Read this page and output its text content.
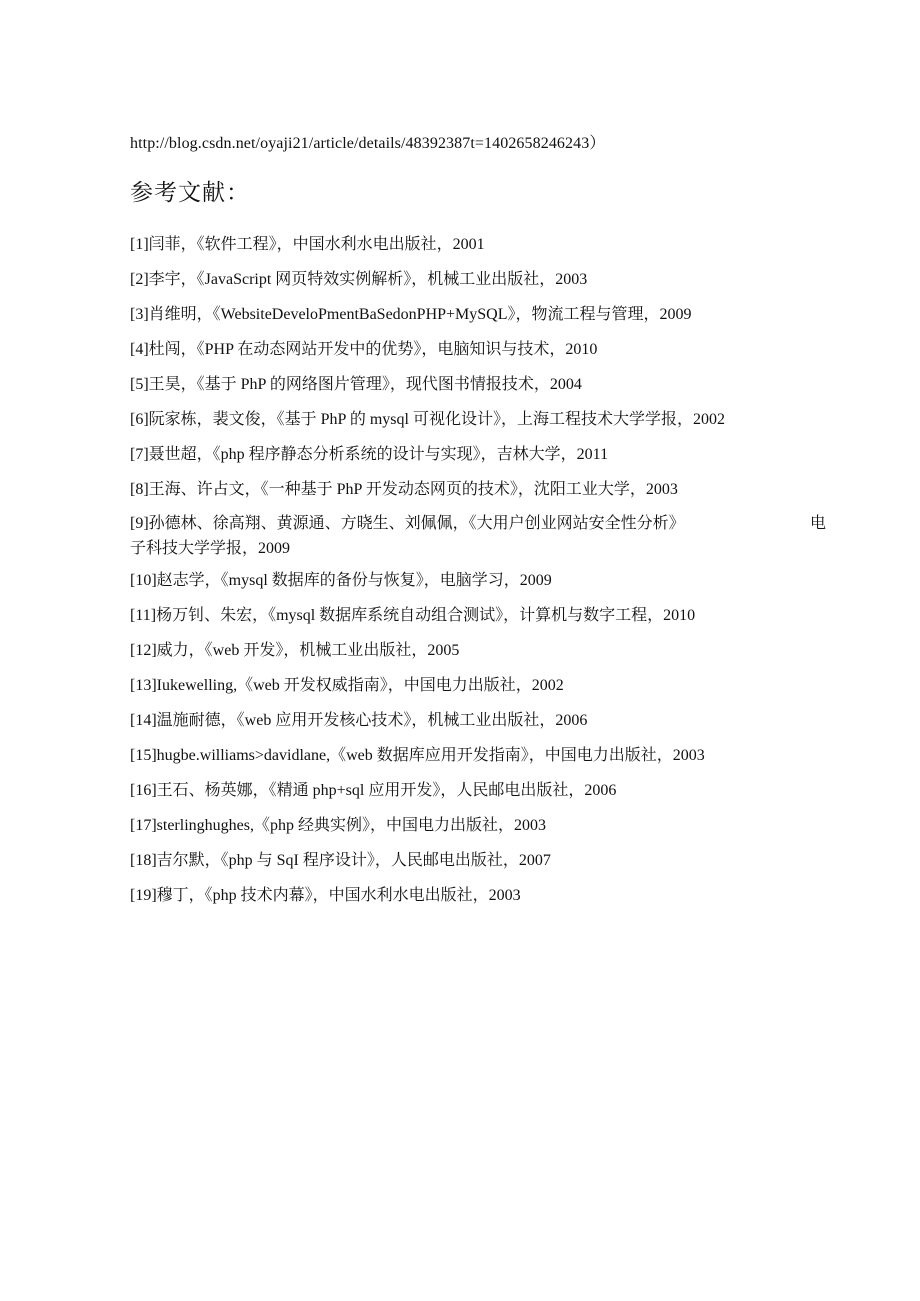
http://blog.csdn.net/oyaji21/article/details/48392387t=1402658246243）
参考文献：
[1]闫菲，《软件工程》，中国水利水电出版社，2001
[2]李宇，《JavaScript 网页特效实例解析》，机械工业出版社，2003
[3]肖维明，《WebsiteDeveloPmentBaSedonPHP+MySQL》，物流工程与管理，2009
[4]杜闯，《PHP 在动态网站开发中的优势》，电脑知识与技术，2010
[5]王昊，《基于 PhP 的网络图片管理》，现代图书情报技术，2004
[6]阮家栋，裴文俊，《基于 PhP 的 mysql 可视化设计》，上海工程技术大学学报，2002
[7]聂世超，《php 程序静态分析系统的设计与实现》，吉林大学，2011
[8]王海、许占文，《一种基于 PhP 开发动态网页的技术》，沈阳工业大学，2003
[9]孙德林、徐高翔、黄源通、方晓生、刘佩佩，《大用户创业网站安全性分析》	电
子科技大学学报，2009
[10]赵志学，《mysql 数据库的备份与恢复》，电脑学习，2009
[11]杨万钊、朱宏，《mysql 数据库系统自动组合测试》，计算机与数字工程，2010
[12]威力，《web 开发》，机械工业出版社，2005
[13]Iukewelling,《web 开发权威指南》，中国电力出版社，2002
[14]温施耐德，《web 应用开发核心技术》，机械工业出版社，2006
[15]hugbe.williams>davidlane,《web 数据库应用开发指南》，中国电力出版社，2003
[16]王石、杨英娜，《精通 php+sql 应用开发》，人民邮电出版社，2006
[17]sterlinghughes,《php 经典实例》，中国电力出版社，2003
[18]吉尔默，《php 与 SqI 程序设计》，人民邮电出版社，2007
[19]穆丁，《php 技术内幕》，中国水利水电出版社，2003
